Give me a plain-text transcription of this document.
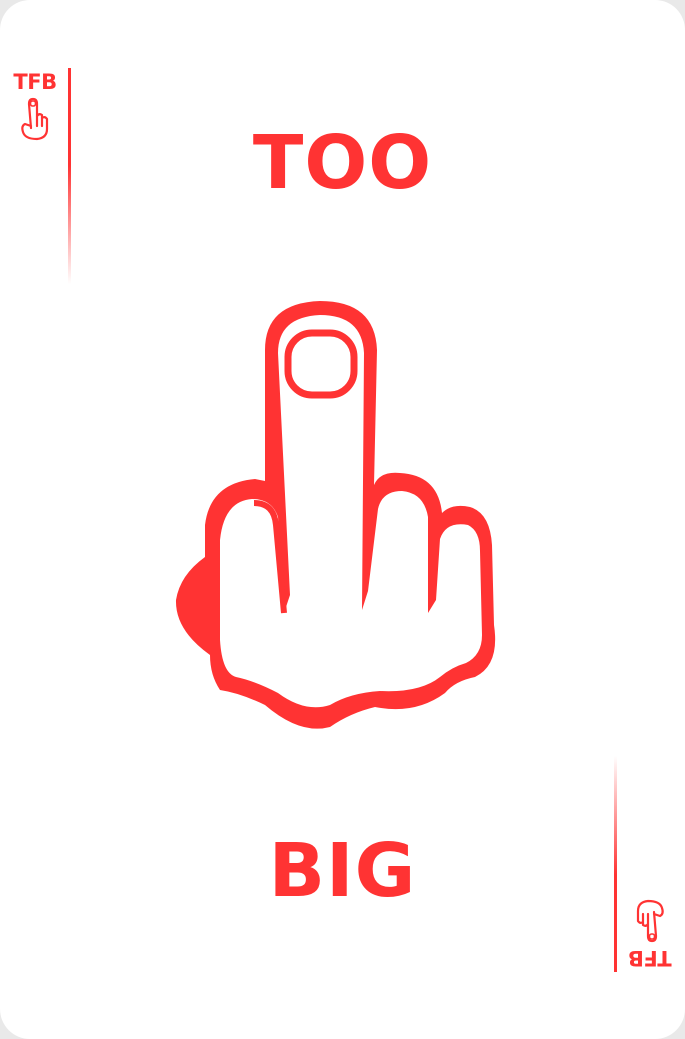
TFB
TOO
BIG
TFB
